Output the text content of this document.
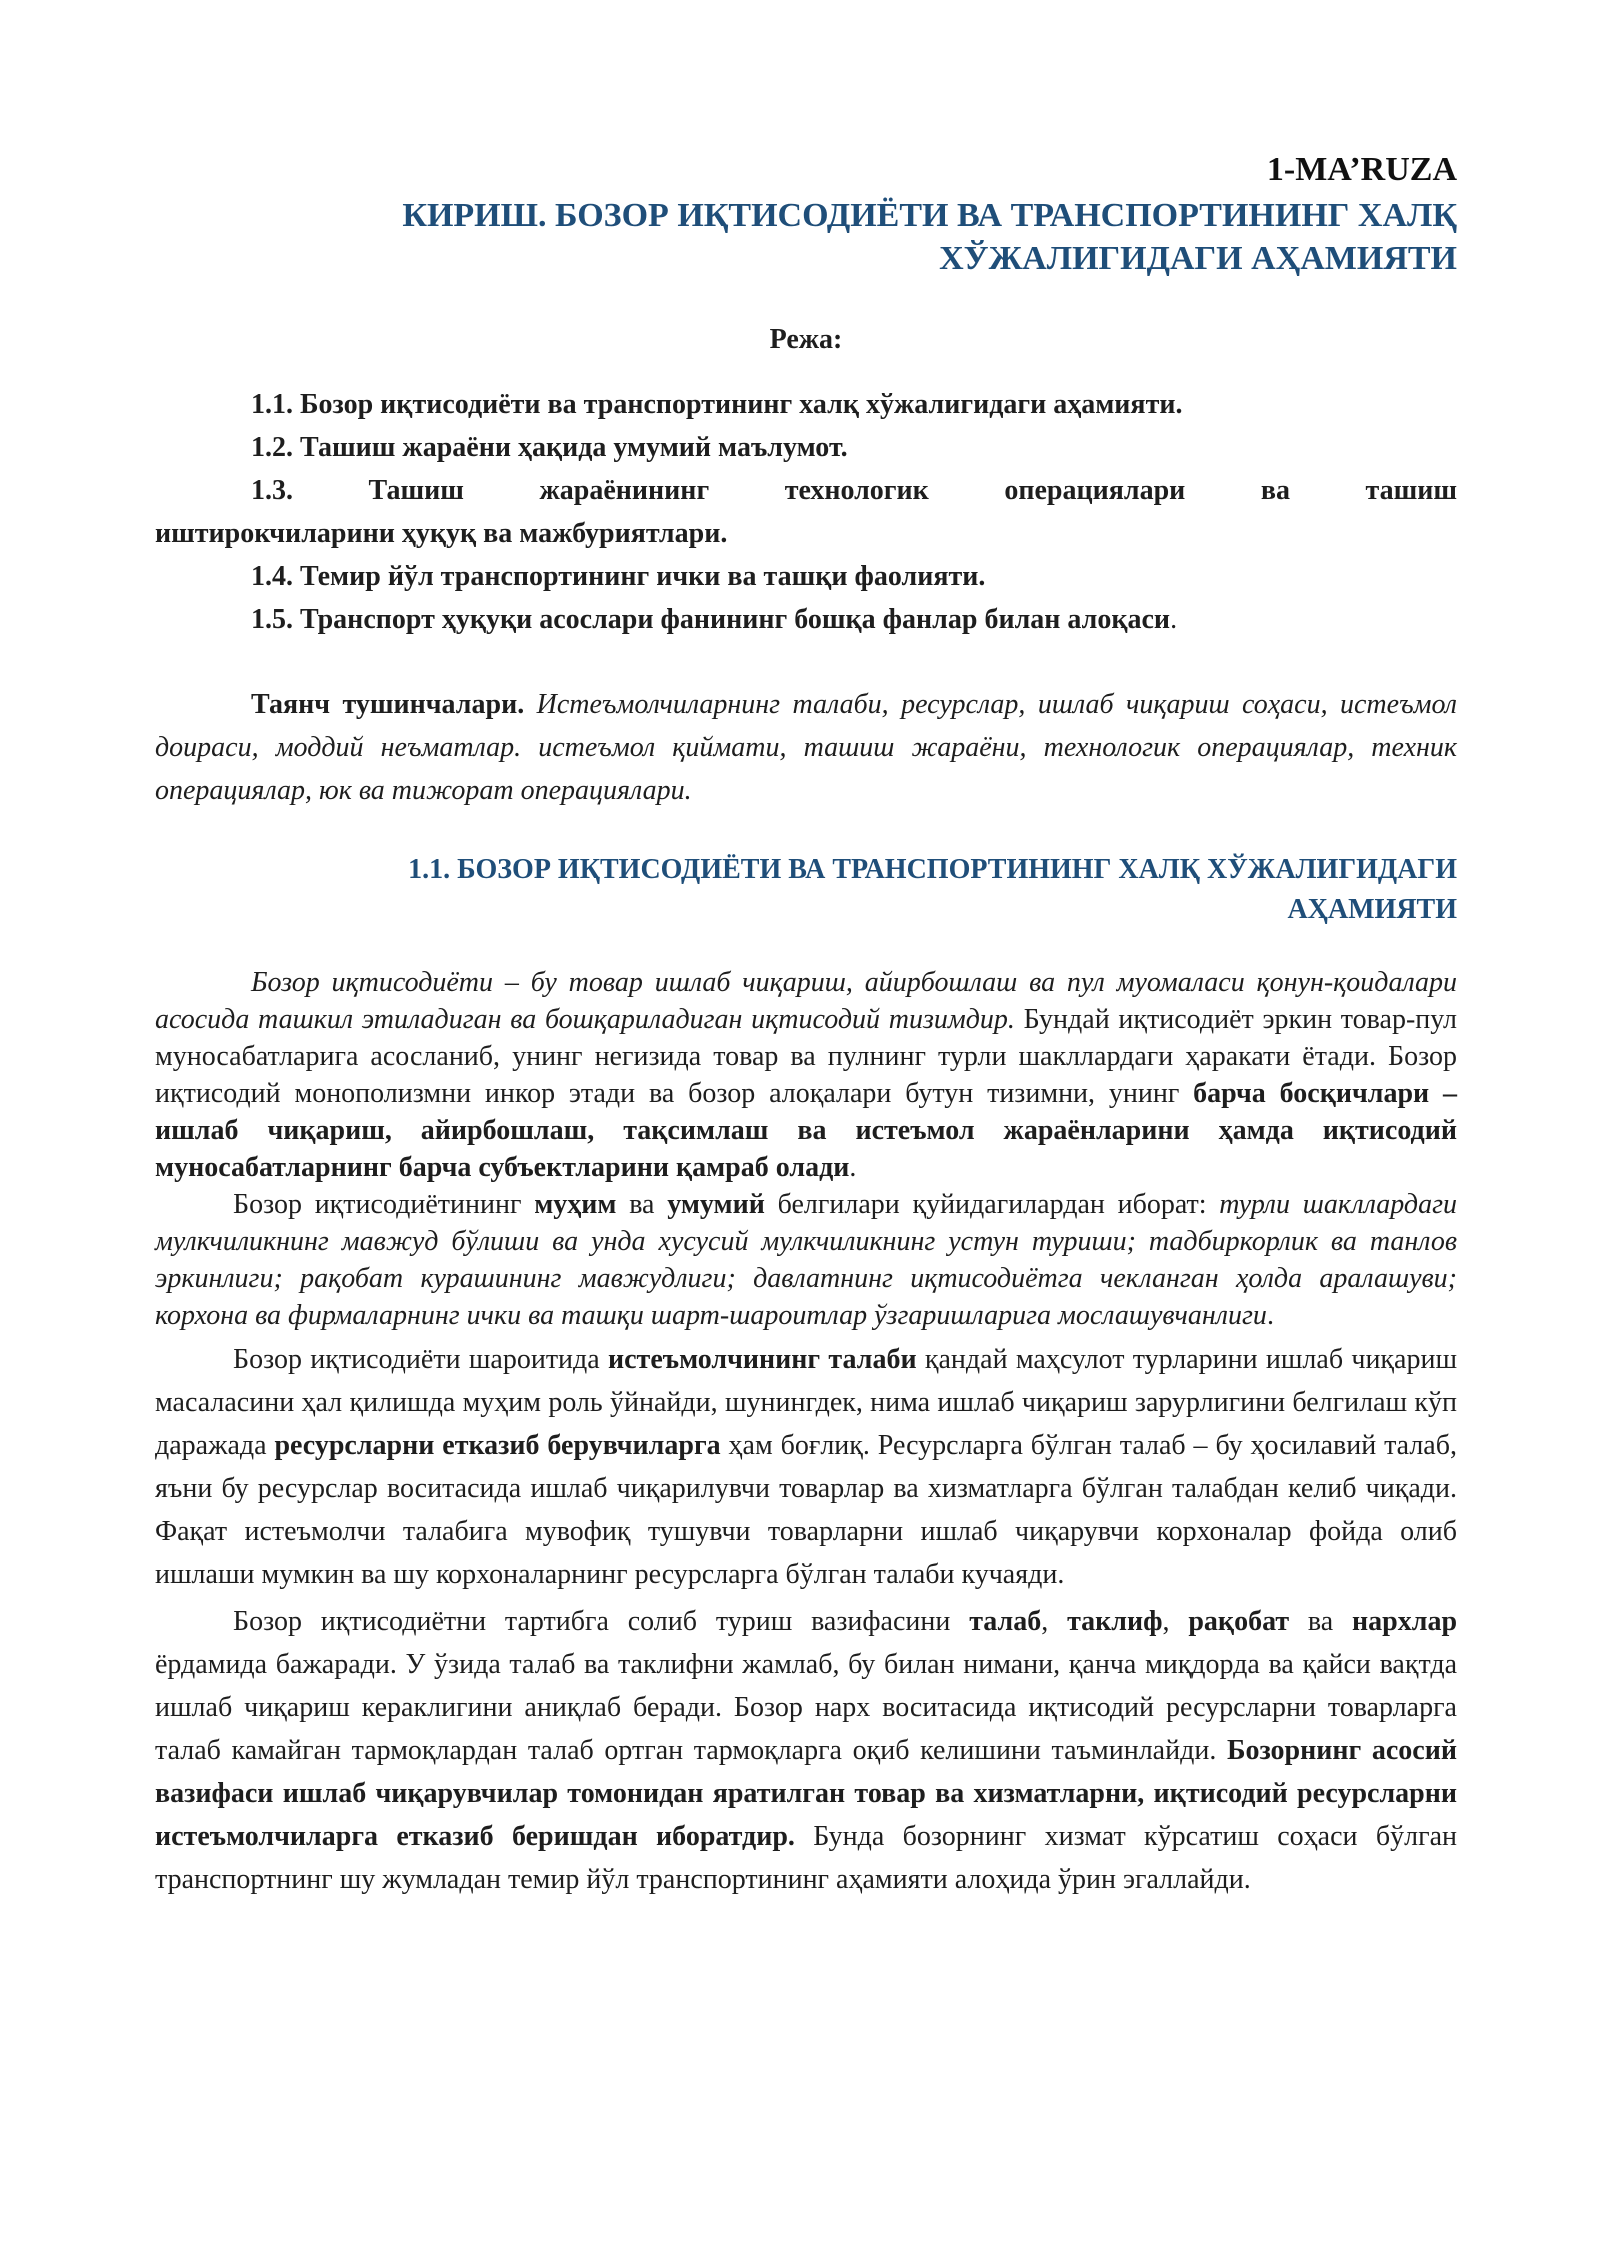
1-MA’RUZA

КИРИШ. БОЗОР ИҚТИСОДИЁТИ ВА ТРАНСПОРТИНИНГ ХАЛҚ
ХЎЖАЛИГИДАГИ АҲАМИЯТИ

Режа:

1.1. Бозор иқтисодиёти ва транспортининг халқ хўжалигидаги аҳамияти.

1.2. Ташиш жараёни ҳақида умумий маълумот.

1.3. Ташиш жараёнининг технологик операциялари ва ташиш

иштирокчиларини ҳуқуқ ва мажбуриятлари.

1.4. Темир йўл транспортининг ички ва ташқи фаолияти.

1.5. Транспорт ҳуқуқи асослари фанининг бошқа фанлар билан алоқаси.

Таянч тушинчалари. Истеъмолчиларнинг талаби, ресурслар, ишлаб чиқариш соҳаси, истеъмол доираси, моддий неъматлар. истеъмол қиймати, ташиш жараёни, технологик операциялар, техник операциялар, юк ва тижорат операциялари.

1.1. БОЗОР ИҚТИСОДИЁТИ ВА ТРАНСПОРТИНИНГ ХАЛҚ ХЎЖАЛИГИДАГИ
АҲАМИЯТИ

Бозор иқтисодиёти – бу товар ишлаб чиқариш, айирбошлаш ва пул муомаласи қонун-қоидалари асосида ташкил этиладиган ва бошқариладиган иқтисодий тизимдир. Бундай иқтисодиёт эркин товар-пул муносабатларига асосланиб, унинг негизида товар ва пулнинг турли шакллардаги ҳаракати ётади. Бозор иқтисодий монополизмни инкор этади ва бозор алоқалари бутун тизимни, унинг барча босқичлари – ишлаб чиқариш, айирбошлаш, тақсимлаш ва истеъмол жараёнларини ҳамда иқтисодий муносабатларнинг барча субъектларини қамраб олади.

Бозор иқтисодиётининг муҳим ва умумий белгилари қуйидагилардан иборат: турли шакллардаги мулкчиликнинг мавжуд бўлиши ва унда хусусий мулкчиликнинг устун туриши; тадбиркорлик ва танлов эркинлиги; рақобат курашининг мавжудлиги; давлатнинг иқтисодиётга чекланган ҳолда аралашуви; корхона ва фирмаларнинг ички ва ташқи шарт-шароитлар ўзгаришларига мослашувчанлиги.

Бозор иқтисодиёти шароитида истеъмолчининг талаби қандай маҳсулот турларини ишлаб чиқариш масаласини ҳал қилишда муҳим роль ўйнайди, шунингдек, нима ишлаб чиқариш зарурлигини белгилаш кўп даражада ресурсларни етказиб берувчиларга ҳам боғлиқ. Ресурсларга бўлган талаб – бу ҳосилавий талаб, яъни бу ресурслар воситасида ишлаб чиқарилувчи товарлар ва хизматларга бўлган талабдан келиб чиқади. Фақат истеъмолчи талабига мувофиқ тушувчи товарларни ишлаб чиқарувчи корхоналар фойда олиб ишлаши мумкин ва шу корхоналарнинг ресурсларга бўлган талаби кучаяди.

Бозор иқтисодиётни тартибга солиб туриш вазифасини талаб, таклиф, рақобат ва нархлар ёрдамида бажаради. У ўзида талаб ва таклифни жамлаб, бу билан нимани, қанча миқдорда ва қайси вақтда ишлаб чиқариш кераклигини аниқлаб беради. Бозор нарх воситасида иқтисодий ресурсларни товарларга талаб камайган тармоқлардан талаб ортган тармоқларга оқиб келишини таъминлайди. Бозорнинг асосий вазифаси ишлаб чиқарувчилар томонидан яратилган товар ва хизматларни, иқтисодий ресурсларни истеъмолчиларга етказиб беришдан иборатдир. Бунда бозорнинг хизмат кўрсатиш соҳаси бўлган транспортнинг шу жумладан темир йўл транспортининг аҳамияти алоҳида ўрин эгаллайди.
